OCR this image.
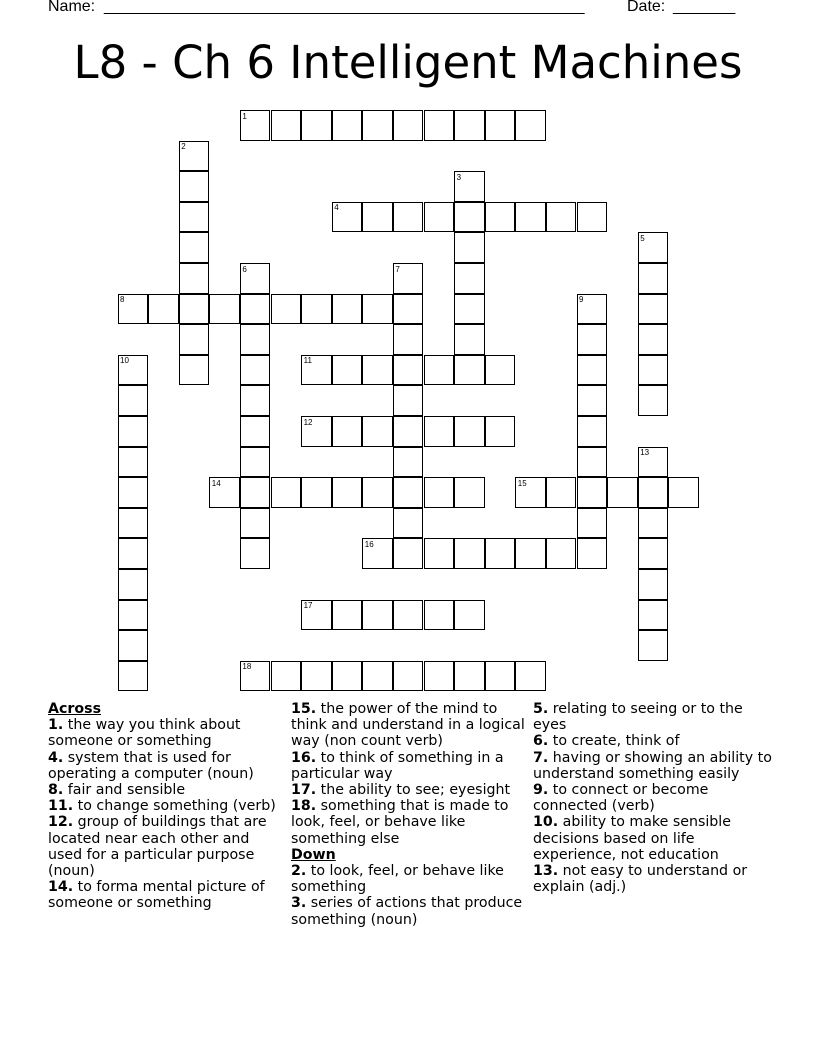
Name: ______________________________________________________	Date: _______
L8 - Ch 6 Intelligent Machines
1
2
3
4
5
6	7
8	9
10	11
12
13
14	15
16
17
18
Across
1. the way you think about someone or something
4. system that is used for operating a computer (noun)
8. fair and sensible
11. to change something (verb)
12. group of buildings that are located near each other and used for a particular purpose (noun)
14. to forma mental picture of someone or something
15. the power of the mind to think and understand in a logical way (non count verb)
16. to think of something in a particular way
17. the ability to see; eyesight
18. something that is made to look, feel, or behave like something else
Down
2. to look, feel, or behave like something
3. series of actions that produce something (noun)
5. relating to seeing or to the eyes
6. to create, think of
7. having or showing an ability to understand something easily
9. to connect or become connected (verb)
10. ability to make sensible decisions based on life experience, not education
13. not easy to understand or explain (adj.)
